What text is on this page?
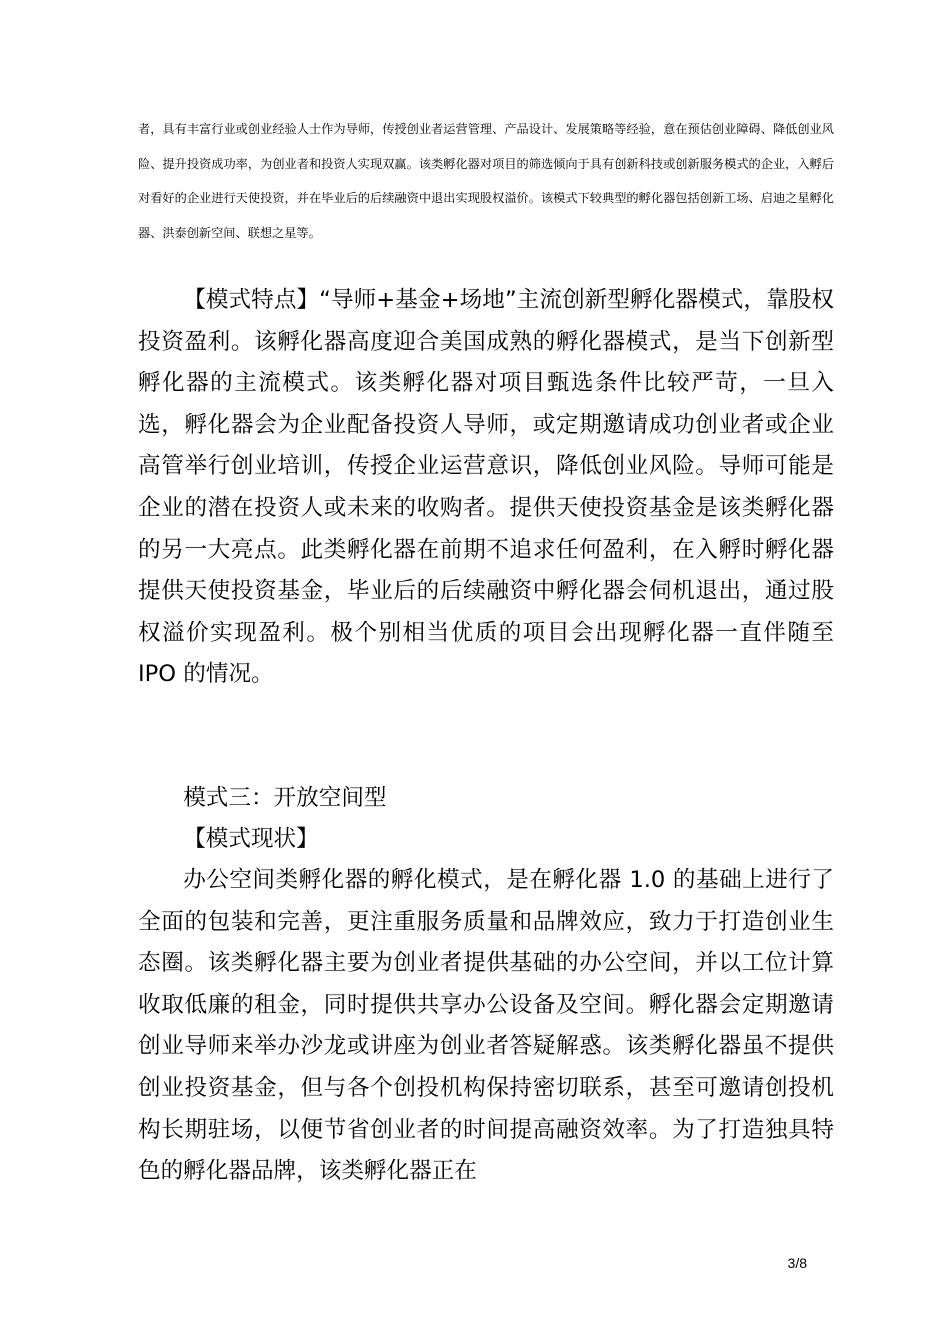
者，具有丰富行业或创业经验人士作为导师，传授创业者运营管理、产品设计、发展策略等经验，意在预估创业障碍、降低创业风险、提升投资成功率，为创业者和投资人实现双赢。该类孵化器对项目的筛选倾向于具有创新科技或创新服务模式的企业，入孵后对看好的企业进行天使投资，并在毕业后的后续融资中退出实现股权溢价。该模式下较典型的孵化器包括创新工场、启迪之星孵化器、洪泰创新空间、联想之星等。

【模式特点】“导师+基金+场地”主流创新型孵化器模式，靠股权投资盈利。该孵化器高度迎合美国成熟的孵化器模式，是当下创新型孵化器的主流模式。该类孵化器对项目甄选条件比较严苛，一旦入选，孵化器会为企业配备投资人导师，或定期邀请成功创业者或企业高管举行创业培训，传授企业运营意识，降低创业风险。导师可能是企业的潜在投资人或未来的收购者。提供天使投资基金是该类孵化器的另一大亮点。此类孵化器在前期不追求任何盈利，在入孵时孵化器提供天使投资基金，毕业后的后续融资中孵化器会伺机退出，通过股权溢价实现盈利。极个别相当优质的项目会出现孵化器一直伴随至 IPO 的情况。

模式三：开放空间型

【模式现状】

办公空间类孵化器的孵化模式，是在孵化器 1.0 的基础上进行了全面的包装和完善，更注重服务质量和品牌效应，致力于打造创业生态圈。该类孵化器主要为创业者提供基础的办公空间，并以工位计算收取低廉的租金，同时提供共享办公设备及空间。孵化器会定期邀请创业导师来举办沙龙或讲座为创业者答疑解惑。该类孵化器虽不提供创业投资基金，但与各个创投机构保持密切联系，甚至可邀请创投机构长期驻场，以便节省创业者的时间提高融资效率。为了打造独具特色的孵化器品牌，该类孵化器正在

3/8
